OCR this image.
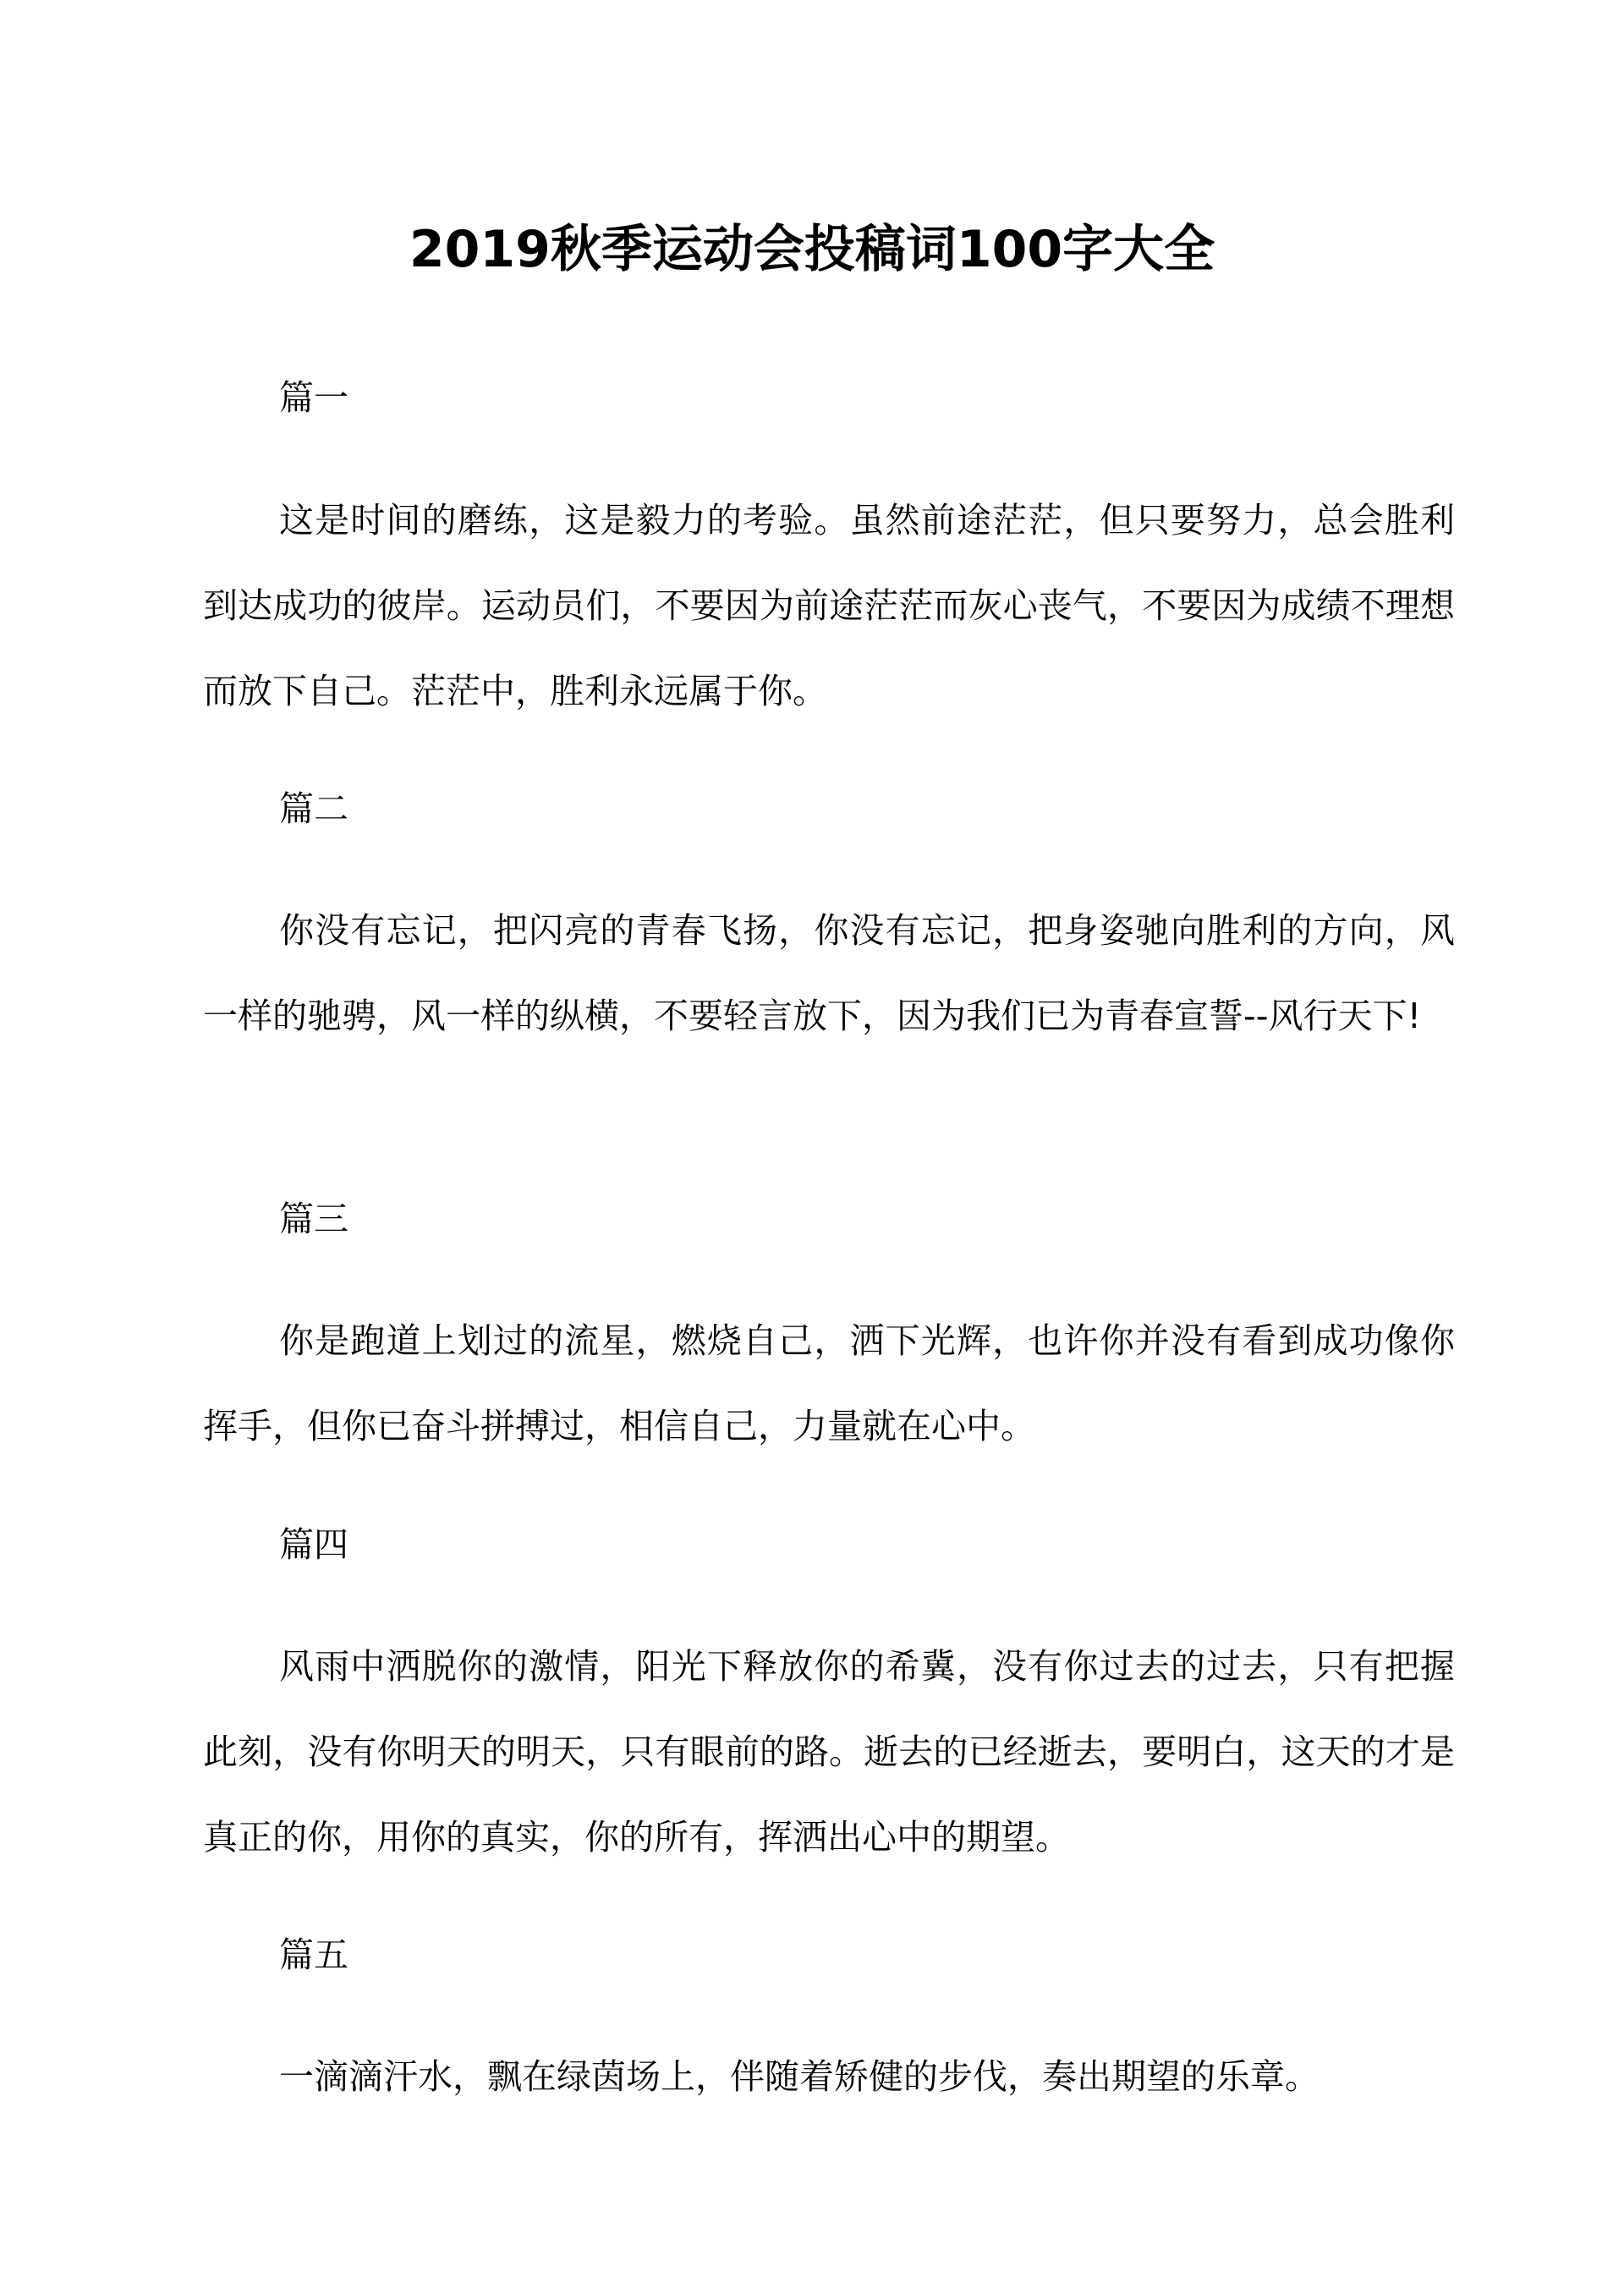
2019秋季运动会投稿词100字大全
篇一
这是时间的磨练，这是毅力的考验。虽然前途茫茫，但只要努力，总会胜利到达成功的彼岸。运动员们，不要因为前途茫茫而灰心丧气，不要因为成绩不理想而放下自己。茫茫中，胜利永远属于你。
篇二
你没有忘记，把闪亮的青春飞扬，你没有忘记，把身姿驰向胜利的方向，风一样的驰骋，风一样的纵横，不要轻言放下，因为我们已为青春宣誓--风行天下!
篇三
你是跑道上划过的流星，燃烧自己，洒下光辉，也许你并没有看到成功像你挥手，但你已奋斗拼搏过，相信自己，力量就在心中。
篇四
风雨中洒脱你的激情，阳光下释放你的希冀，没有你过去的过去，只有把握此刻，没有你明天的明天，只有眼前的路。逝去的已经逝去，要明白，这天的才是真正的你，用你的真实，你的所有，挥洒出心中的期望。
篇五
一滴滴汗水，飘在绿茵场上，伴随着矫健的步伐，奏出期望的乐章。
